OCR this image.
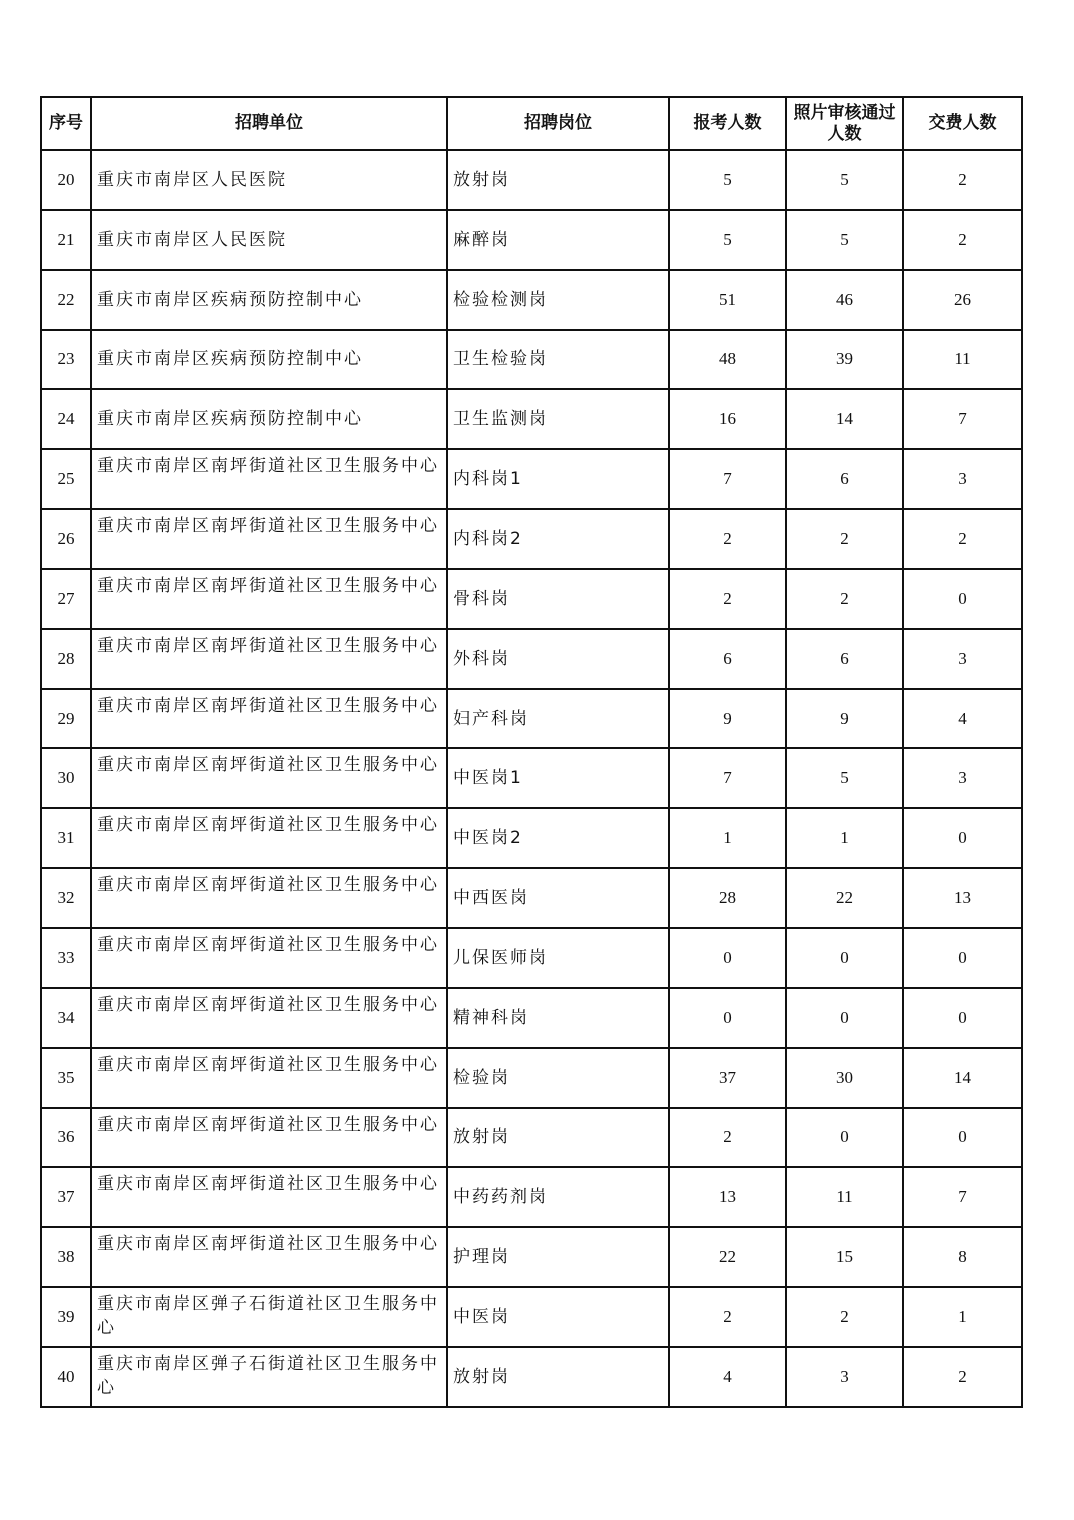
序号	招聘单位	招聘岗位	报考人数	照片审核通过人数	交费人数
20	重庆市南岸区人民医院	放射岗	5	5	2
21	重庆市南岸区人民医院	麻醉岗	5	5	2
22	重庆市南岸区疾病预防控制中心	检验检测岗	51	46	26
23	重庆市南岸区疾病预防控制中心	卫生检验岗	48	39	11
24	重庆市南岸区疾病预防控制中心	卫生监测岗	16	14	7
25	重庆市南岸区南坪街道社区卫生服务中心	内科岗1	7	6	3
26	重庆市南岸区南坪街道社区卫生服务中心	内科岗2	2	2	2
27	重庆市南岸区南坪街道社区卫生服务中心	骨科岗	2	2	0
28	重庆市南岸区南坪街道社区卫生服务中心	外科岗	6	6	3
29	重庆市南岸区南坪街道社区卫生服务中心	妇产科岗	9	9	4
30	重庆市南岸区南坪街道社区卫生服务中心	中医岗1	7	5	3
31	重庆市南岸区南坪街道社区卫生服务中心	中医岗2	1	1	0
32	重庆市南岸区南坪街道社区卫生服务中心	中西医岗	28	22	13
33	重庆市南岸区南坪街道社区卫生服务中心	儿保医师岗	0	0	0
34	重庆市南岸区南坪街道社区卫生服务中心	精神科岗	0	0	0
35	重庆市南岸区南坪街道社区卫生服务中心	检验岗	37	30	14
36	重庆市南岸区南坪街道社区卫生服务中心	放射岗	2	0	0
37	重庆市南岸区南坪街道社区卫生服务中心	中药药剂岗	13	11	7
38	重庆市南岸区南坪街道社区卫生服务中心	护理岗	22	15	8
39	重庆市南岸区弹子石街道社区卫生服务中心	中医岗	2	2	1
40	重庆市南岸区弹子石街道社区卫生服务中心	放射岗	4	3	2
